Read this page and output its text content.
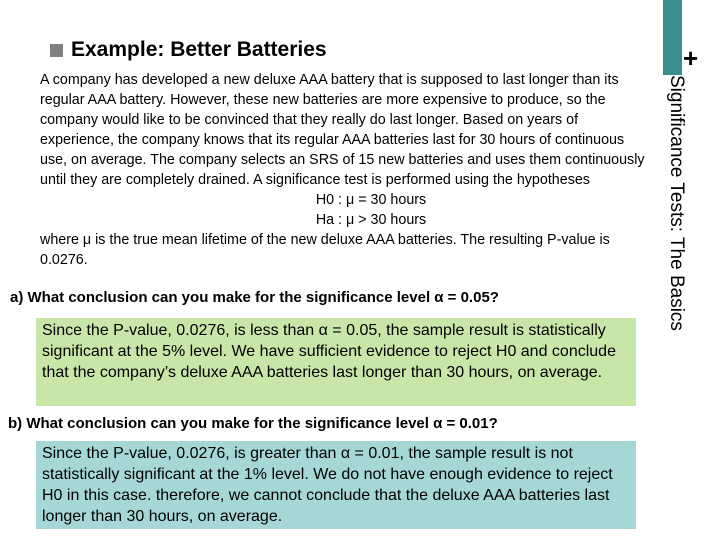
+
Significance Tests: The Basics
Example: Better Batteries
A company has developed a new deluxe AAA battery that is supposed to last longer than its regular AAA battery. However, these new batteries are more expensive to produce, so the company would like to be convinced that they really do last longer. Based on years of experience, the company knows that its regular AAA batteries last for 30 hours of continuous use, on average. The company selects an SRS of 15 new batteries and uses them continuously until they are completely drained. A significance test is performed using the hypotheses
H0 : μ = 30 hours
Ha : μ > 30 hours
where μ is the true mean lifetime of the new deluxe AAA batteries. The resulting P-value is 0.0276.
a) What conclusion can you make for the significance level α = 0.05?
Since the P-value, 0.0276, is less than α = 0.05, the sample result is statistically significant at the 5% level. We have sufficient evidence to reject H0 and conclude that the company’s deluxe AAA batteries last longer than 30 hours, on average.
b) What conclusion can you make for the significance level α = 0.01?
Since the P-value, 0.0276, is greater than α = 0.01, the sample result is not statistically significant at the 1% level. We do not have enough evidence to reject H0 in this case. therefore, we cannot conclude that the deluxe AAA batteries last longer than 30 hours, on average.
